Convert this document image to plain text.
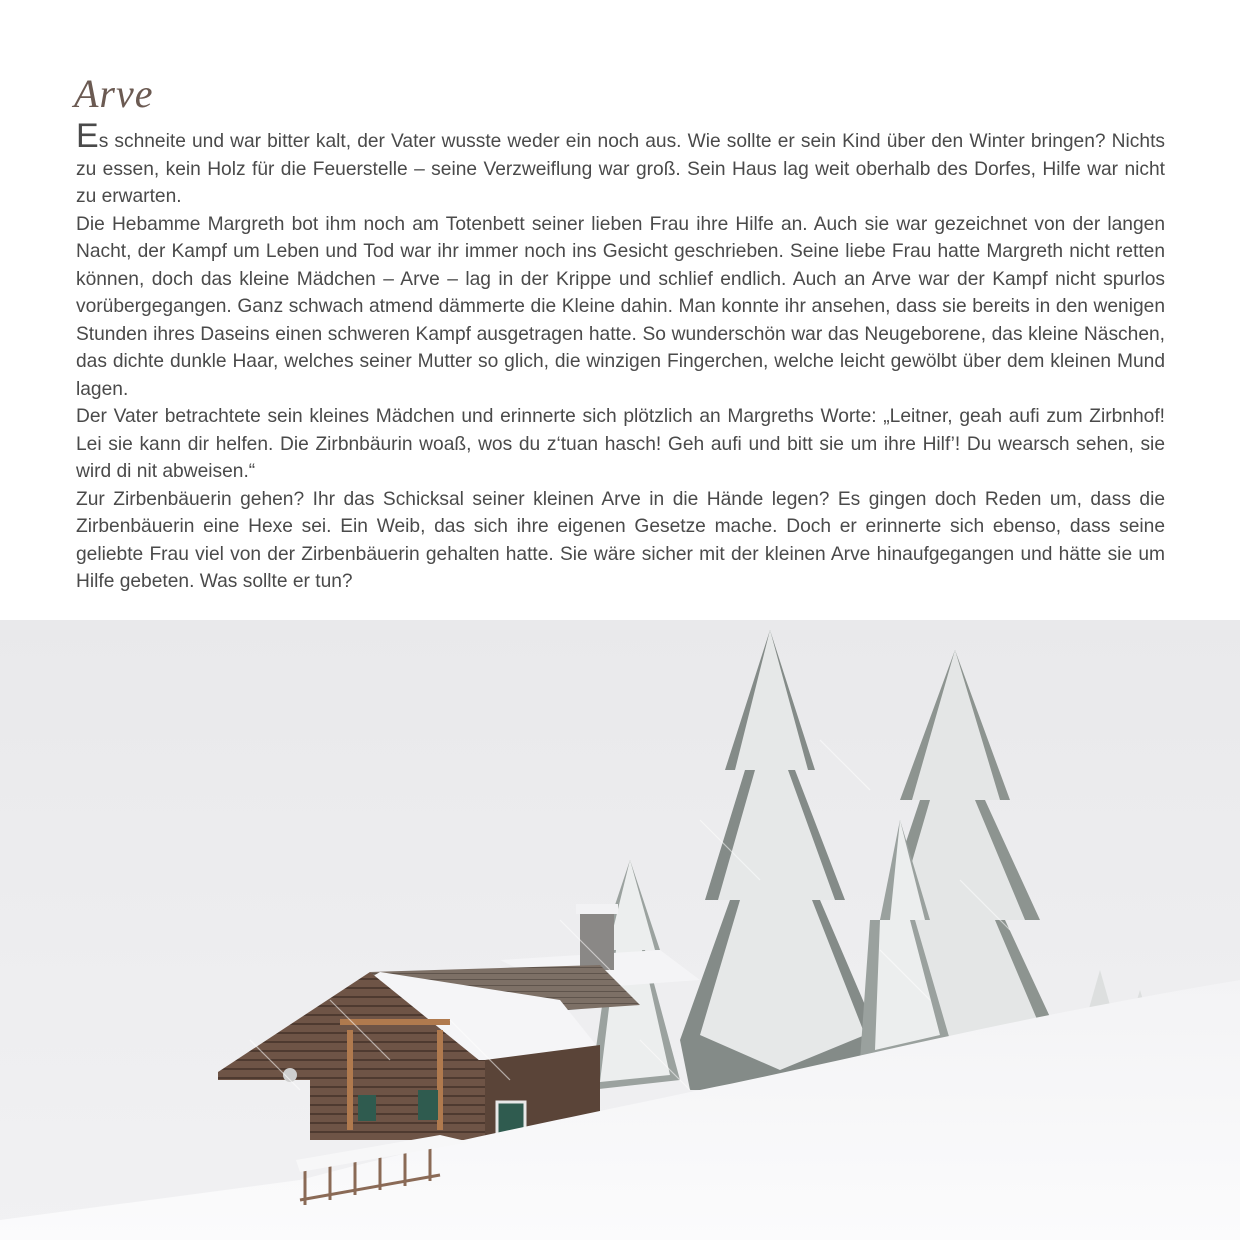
Arve

Es schneite und war bitter kalt, der Vater wusste weder ein noch aus. Wie sollte er sein Kind über den Winter bringen? Nichts zu essen, kein Holz für die Feuerstelle – seine Verzweiflung war groß. Sein Haus lag weit oberhalb des Dorfes, Hilfe war nicht zu erwarten.

Die Hebamme Margreth bot ihm noch am Totenbett seiner lieben Frau ihre Hilfe an. Auch sie war gezeichnet von der langen Nacht, der Kampf um Leben und Tod war ihr immer noch ins Gesicht geschrieben. Seine liebe Frau hatte Margreth nicht retten können, doch das kleine Mädchen – Arve – lag in der Krippe und schlief endlich. Auch an Arve war der Kampf nicht spurlos vorübergegangen. Ganz schwach atmend dämmerte die Kleine dahin. Man konnte ihr ansehen, dass sie bereits in den wenigen Stunden ihres Daseins einen schweren Kampf ausgetragen hatte. So wunderschön war das Neugeborene, das kleine Näschen, das dichte dunkle Haar, welches seiner Mutter so glich, die winzigen Fingerchen, welche leicht gewölbt über dem kleinen Mund lagen.

Der Vater betrachtete sein kleines Mädchen und erinnerte sich plötzlich an Margreths Worte: „Leitner, geah aufi zum Zirbnhof! Lei sie kann dir helfen. Die Zirbnbäurin woaß, wos du z‘tuan hasch! Geh aufi und bitt sie um ihre Hilf’! Du wearsch sehen, sie wird di nit abweisen.“

Zur Zirbenbäuerin gehen? Ihr das Schicksal seiner kleinen Arve in die Hände legen? Es gingen doch Reden um, dass die Zirbenbäuerin eine Hexe sei. Ein Weib, das sich ihre eigenen Gesetze mache. Doch er erinnerte sich ebenso, dass seine geliebte Frau viel von der Zirbenbäuerin gehalten hatte. Sie wäre sicher mit der kleinen Arve hinaufgegangen und hätte sie um Hilfe gebeten. Was sollte er tun?
